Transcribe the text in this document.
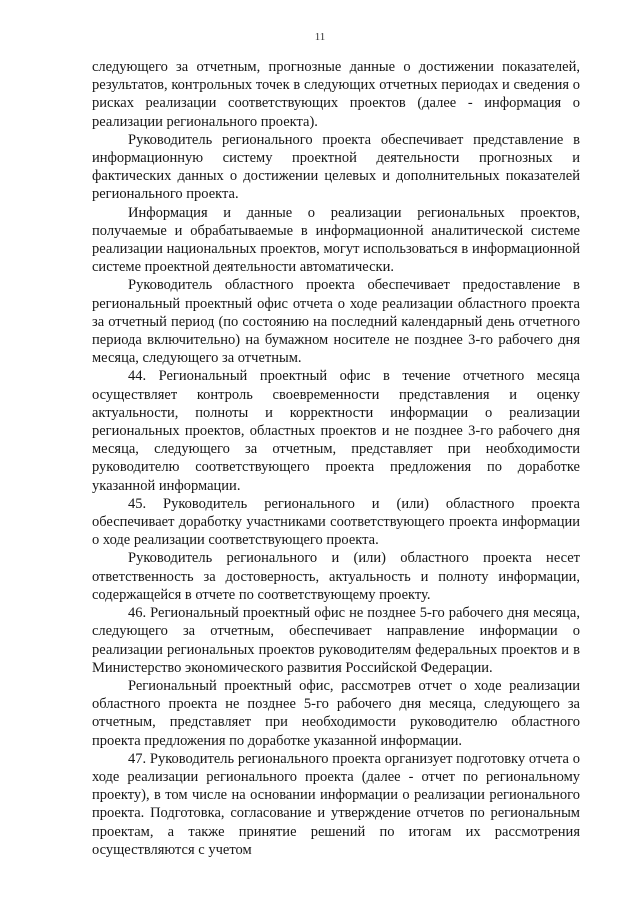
11

следующего за отчетным, прогнозные данные о достижении показателей, результатов, контрольных точек в следующих отчетных периодах и сведения о рисках реализации соответствующих проектов (далее - информация о реализации регионального проекта).

Руководитель регионального проекта обеспечивает представление в информационную систему проектной деятельности прогнозных и фактических данных о достижении целевых и дополнительных показателей регионального проекта.

Информация и данные о реализации региональных проектов, получаемые и обрабатываемые в информационной аналитической системе реализации национальных проектов, могут использоваться в информационной системе проектной деятельности автоматически.

Руководитель областного проекта обеспечивает предоставление в региональный проектный офис отчета о ходе реализации областного проекта за отчетный период (по состоянию на последний календарный день отчетного периода включительно) на бумажном носителе не позднее 3-го рабочего дня месяца, следующего за отчетным.

44. Региональный проектный офис в течение отчетного месяца осуществляет контроль своевременности представления и оценку актуальности, полноты и корректности информации о реализации региональных проектов, областных проектов и не позднее 3-го рабочего дня месяца, следующего за отчетным, представляет при необходимости руководителю соответствующего проекта предложения по доработке указанной информации.

45. Руководитель регионального и (или) областного проекта обеспечивает доработку участниками соответствующего проекта информации о ходе реализации соответствующего проекта.

Руководитель регионального и (или) областного проекта несет ответственность за достоверность, актуальность и полноту информации, содержащейся в отчете по соответствующему проекту.

46. Региональный проектный офис не позднее 5-го рабочего дня месяца, следующего за отчетным, обеспечивает направление информации о реализации региональных проектов руководителям федеральных проектов и в Министерство экономического развития Российской Федерации.

Региональный проектный офис, рассмотрев отчет о ходе реализации областного проекта не позднее 5-го рабочего дня месяца, следующего за отчетным, представляет при необходимости руководителю областного проекта предложения по доработке указанной информации.

47. Руководитель регионального проекта организует подготовку отчета о ходе реализации регионального проекта (далее - отчет по региональному проекту), в том числе на основании информации о реализации регионального проекта. Подготовка, согласование и утверждение отчетов по региональным проектам, а также принятие решений по итогам их рассмотрения осуществляются с учетом
